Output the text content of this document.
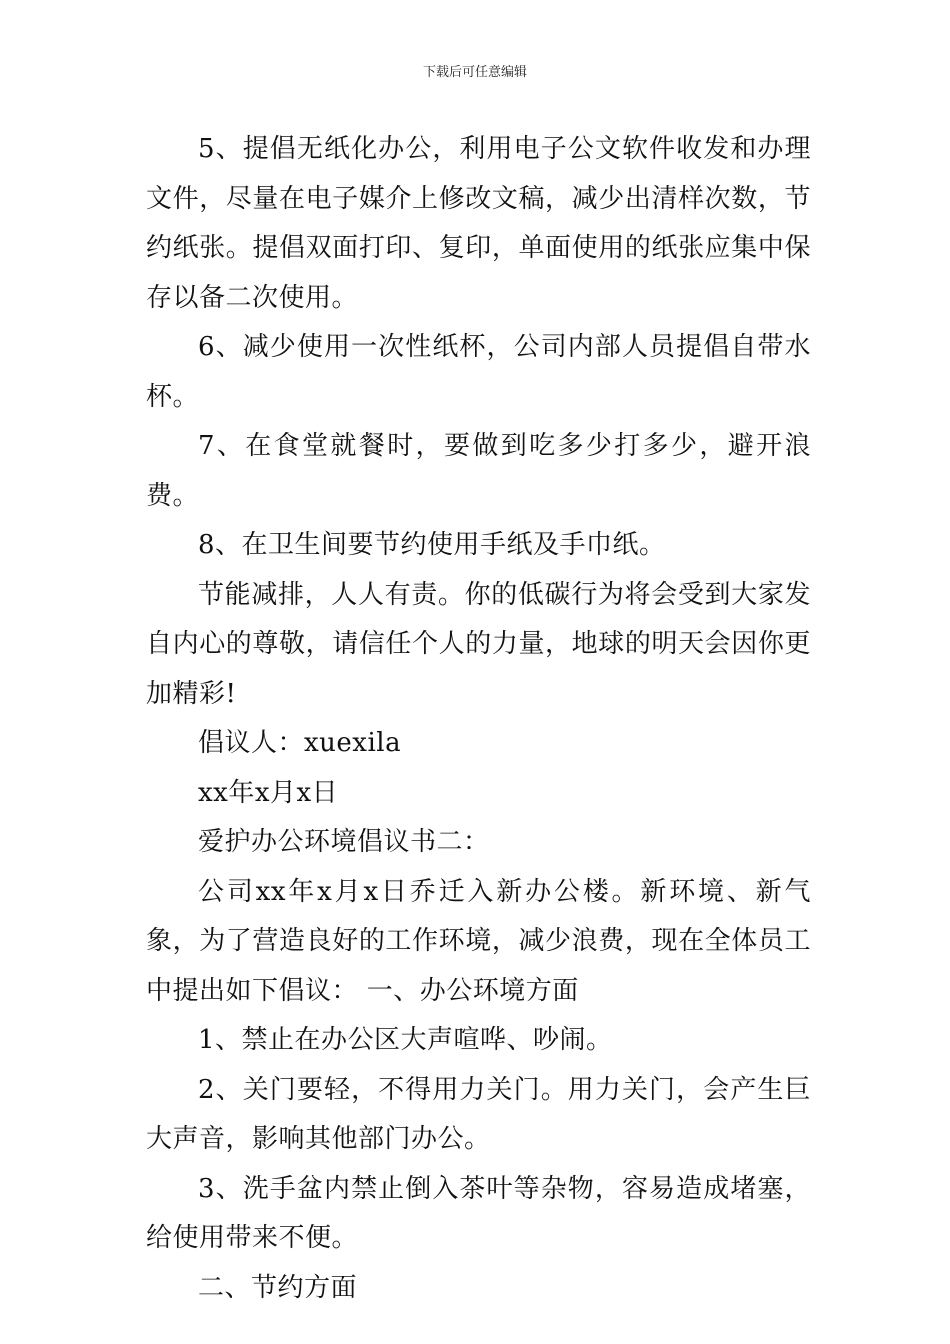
下载后可任意编辑

5、提倡无纸化办公，利用电子公文软件收发和办理文件，尽量在电子媒介上修改文稿，减少出清样次数，节约纸张。提倡双面打印、复印，单面使用的纸张应集中保存以备二次使用。

6、减少使用一次性纸杯，公司内部人员提倡自带水杯。

7、在食堂就餐时，要做到吃多少打多少，避开浪费。

8、在卫生间要节约使用手纸及手巾纸。

节能减排，人人有责。你的低碳行为将会受到大家发自内心的尊敬，请信任个人的力量，地球的明天会因你更加精彩!

倡议人：xuexila

xx年x月x日

爱护办公环境倡议书二：

公司xx年x月x日乔迁入新办公楼。新环境、新气象，为了营造良好的工作环境，减少浪费，现在全体员工中提出如下倡议： 一、办公环境方面

1、禁止在办公区大声喧哗、吵闹。

2、关门要轻，不得用力关门。用力关门，会产生巨大声音，影响其他部门办公。

3、洗手盆内禁止倒入茶叶等杂物，容易造成堵塞，给使用带来不便。

二、节约方面
